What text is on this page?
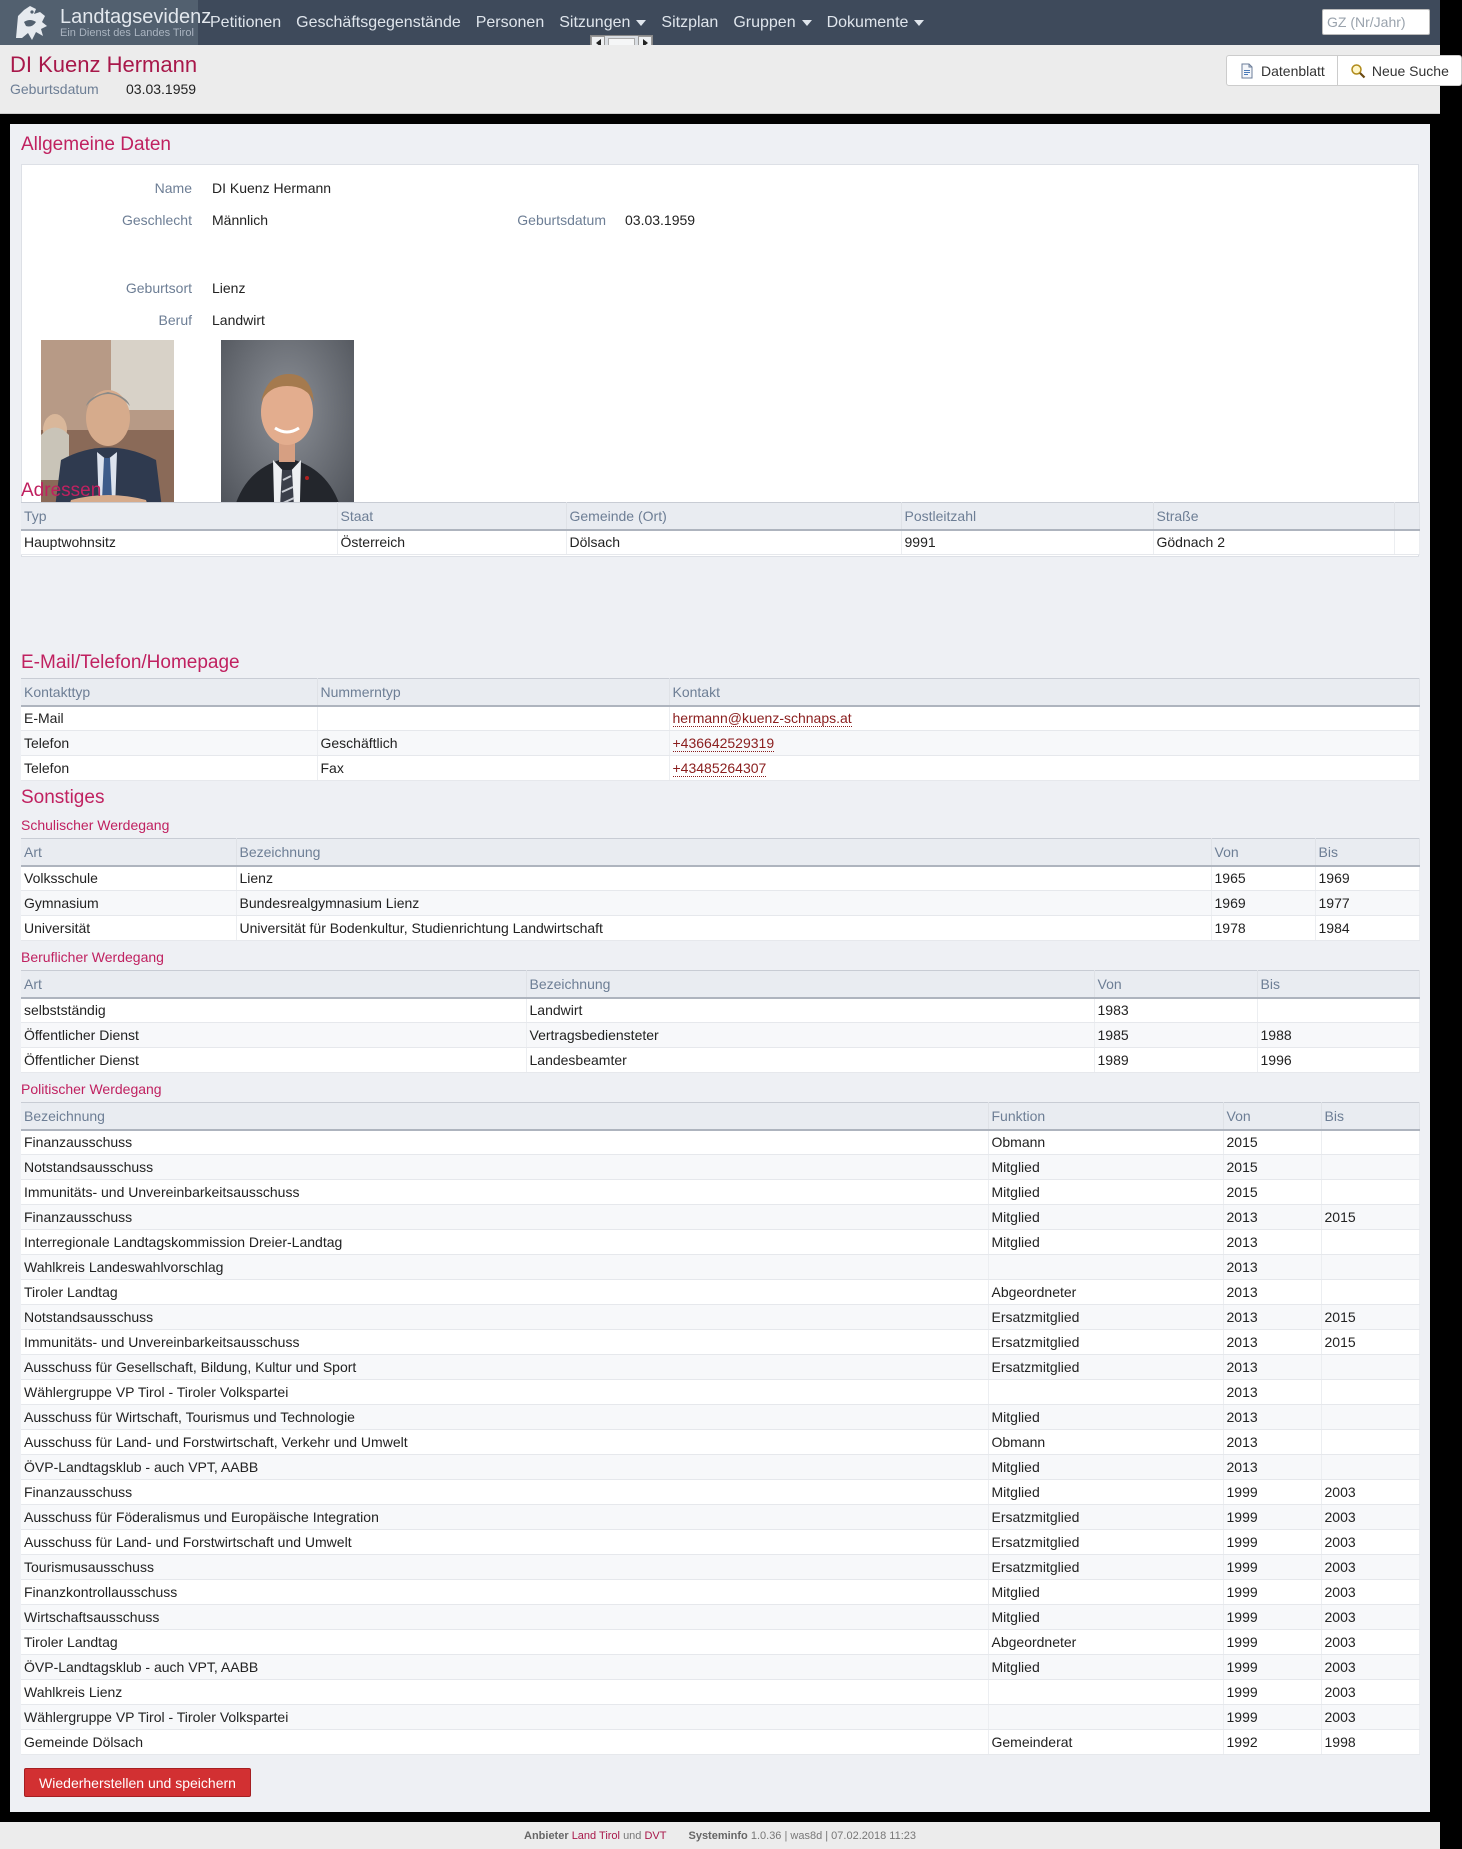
Landtagsevidenz
Ein Dienst des Landes Tirol
Petitionen Geschäftsgegenstände Personen Sitzungen Sitzplan Gruppen Dokumente
GZ (Nr/Jahr)
DI Kuenz Hermann
Geburtsdatum	03.03.1959
Datenblatt	Neue Suche
Allgemeine Daten
Name DI Kuenz Hermann
Geschlecht Männlich	Geburtsdatum 03.03.1959
Geburtsort Lienz
Beruf Landwirt
Adressen
Typ	Staat	Gemeinde (Ort)	Postleitzahl	Straße	
Hauptwohnsitz	Österreich	Dölsach	9991	Gödnach 2	
E-Mail/Telefon/Homepage
Kontakttyp	Nummerntyp	Kontakt
E-Mail		hermann@kuenz-schnaps.at
Telefon	Geschäftlich	+436642529319
Telefon	Fax	+43485264307
Sonstiges
Schulischer Werdegang
Art	Bezeichnung	Von	Bis
Volksschule	Lienz	1965	1969
Gymnasium	Bundesrealgymnasium Lienz	1969	1977
Universität	Universität für Bodenkultur, Studienrichtung Landwirtschaft	1978	1984
Beruflicher Werdegang
Art	Bezeichnung	Von	Bis
selbstständig	Landwirt	1983	
Öffentlicher Dienst	Vertragsbediensteter	1985	1988
Öffentlicher Dienst	Landesbeamter	1989	1996
Politischer Werdegang
Bezeichnung	Funktion	Von	Bis
Finanzausschuss	Obmann	2015	
Notstandsausschuss	Mitglied	2015	
Immunitäts- und Unvereinbarkeitsausschuss	Mitglied	2015	
Finanzausschuss	Mitglied	2013	2015
Interregionale Landtagskommission Dreier-Landtag	Mitglied	2013	
Wahlkreis Landeswahlvorschlag		2013	
Tiroler Landtag	Abgeordneter	2013	
Notstandsausschuss	Ersatzmitglied	2013	2015
Immunitäts- und Unvereinbarkeitsausschuss	Ersatzmitglied	2013	2015
Ausschuss für Gesellschaft, Bildung, Kultur und Sport	Ersatzmitglied	2013	
Wählergruppe VP Tirol - Tiroler Volkspartei		2013	
Ausschuss für Wirtschaft, Tourismus und Technologie	Mitglied	2013	
Ausschuss für Land- und Forstwirtschaft, Verkehr und Umwelt	Obmann	2013	
ÖVP-Landtagsklub - auch VPT, AABB	Mitglied	2013	
Finanzausschuss	Mitglied	1999	2003
Ausschuss für Föderalismus und Europäische Integration	Ersatzmitglied	1999	2003
Ausschuss für Land- und Forstwirtschaft und Umwelt	Ersatzmitglied	1999	2003
Tourismusausschuss	Ersatzmitglied	1999	2003
Finanzkontrollausschuss	Mitglied	1999	2003
Wirtschaftsausschuss	Mitglied	1999	2003
Tiroler Landtag	Abgeordneter	1999	2003
ÖVP-Landtagsklub - auch VPT, AABB	Mitglied	1999	2003
Wahlkreis Lienz		1999	2003
Wählergruppe VP Tirol - Tiroler Volkspartei		1999	2003
Gemeinde Dölsach	Gemeinderat	1992	1998
Wiederherstellen und speichern
Anbieter
Land Tirol
und
DVT Systeminfo
1.0.36 | was8d | 07.02.2018 11:23
